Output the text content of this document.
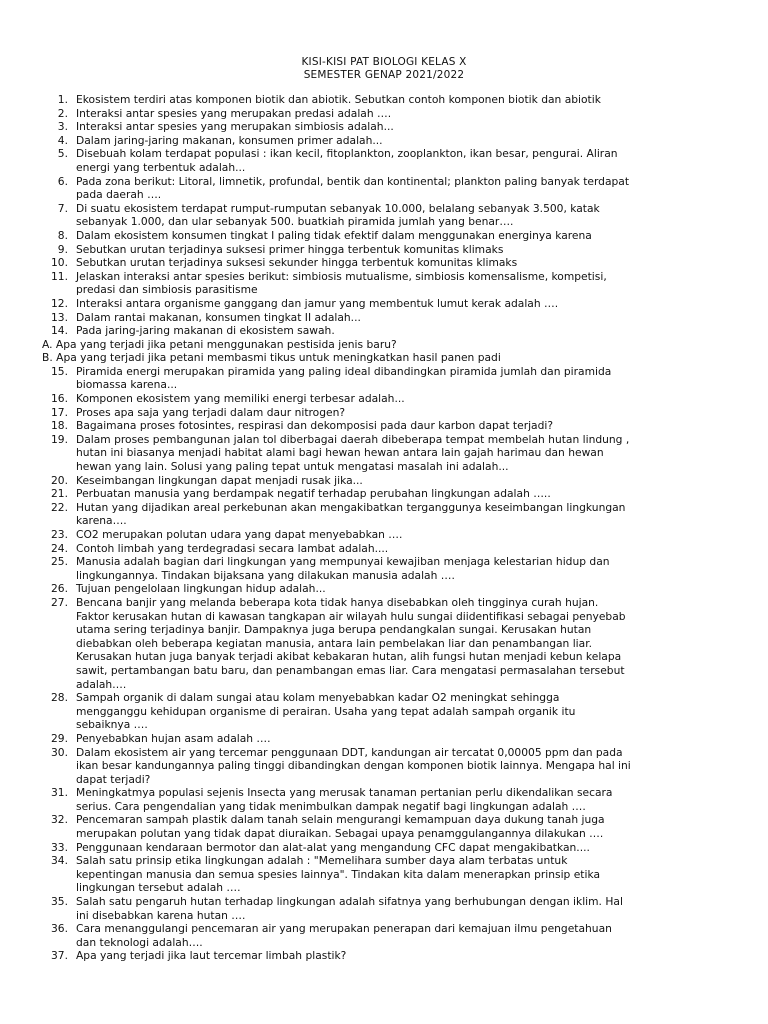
KISI-KISI PAT BIOLOGI KELAS X
SEMESTER GENAP 2021/2022
1. Ekosistem terdiri atas komponen biotik dan abiotik. Sebutkan contoh komponen biotik dan abiotik
2. Interaksi antar spesies yang merupakan predasi adalah ….
3. Interaksi antar spesies yang merupakan simbiosis adalah...
4. Dalam jaring-jaring makanan, konsumen primer adalah...
5. Disebuah kolam terdapat populasi : ikan kecil, fitoplankton, zooplankton, ikan besar, pengurai. Aliran
energi yang terbentuk adalah...
6. Pada zona berikut: Litoral, limnetik, profundal, bentik dan kontinental; plankton paling banyak terdapat
pada daerah ….
7. Di suatu ekosistem terdapat rumput-rumputan sebanyak 10.000, belalang sebanyak 3.500, katak
sebanyak 1.000, dan ular sebanyak 500. buatkiah piramida jumlah yang benar….
8. Dalam ekosistem konsumen tingkat I paling tidak efektif dalam menggunakan energinya karena
9. Sebutkan urutan terjadinya suksesi primer hingga terbentuk komunitas klimaks
10. Sebutkan urutan terjadinya suksesi sekunder hingga terbentuk komunitas klimaks
11. Jelaskan interaksi antar spesies berikut: simbiosis mutualisme, simbiosis komensalisme, kompetisi,
predasi dan simbiosis parasitisme
12. Interaksi antara organisme ganggang dan jamur yang membentuk lumut kerak adalah ….
13. Dalam rantai makanan, konsumen tingkat II adalah...
14. Pada jaring-jaring makanan di ekosistem sawah.
A. Apa yang terjadi jika petani menggunakan pestisida jenis baru?
B. Apa yang terjadi jika petani membasmi tikus untuk meningkatkan hasil panen padi
15. Piramida energi merupakan piramida yang paling ideal dibandingkan piramida jumlah dan piramida
biomassa karena...
16. Komponen ekosistem yang memiliki energi terbesar adalah...
17. Proses apa saja yang terjadi dalam daur nitrogen?
18. Bagaimana proses fotosintes, respirasi dan dekomposisi pada daur karbon dapat terjadi?
19. Dalam proses pembangunan jalan tol diberbagai daerah dibeberapa tempat membelah hutan lindung ,
hutan ini biasanya menjadi habitat alami bagi hewan hewan antara lain gajah harimau dan hewan
hewan yang lain. Solusi yang paling tepat untuk mengatasi masalah ini adalah...
20. Keseimbangan lingkungan dapat menjadi rusak jika...
21. Perbuatan manusia yang berdampak negatif terhadap perubahan lingkungan adalah …..
22. Hutan yang dijadikan areal perkebunan akan mengakibatkan terganggunya keseimbangan lingkungan
karena….
23. CO2 merupakan polutan udara yang dapat menyebabkan ….
24. Contoh limbah yang terdegradasi secara lambat adalah....
25. Manusia adalah bagian dari lingkungan yang mempunyai kewajiban menjaga kelestarian hidup dan
lingkungannya. Tindakan bijaksana yang dilakukan manusia adalah ….
26. Tujuan pengelolaan lingkungan hidup adalah...
27. Bencana banjir yang melanda beberapa kota tidak hanya disebabkan oleh tingginya curah hujan.
Faktor kerusakan hutan di kawasan tangkapan air wilayah hulu sungai diidentifikasi sebagai penyebab
utama sering terjadinya banjir. Dampaknya juga berupa pendangkalan sungai. Kerusakan hutan
diebabkan oleh beberapa kegiatan manusia, antara lain pembelakan liar dan penambangan liar.
Kerusakan hutan juga banyak terjadi akibat kebakaran hutan, alih fungsi hutan menjadi kebun kelapa
sawit, pertambangan batu baru, dan penambangan emas liar. Cara mengatasi permasalahan tersebut
adalah….
28. Sampah organik di dalam sungai atau kolam menyebabkan kadar O2 meningkat sehingga
mengganggu kehidupan organisme di perairan. Usaha yang tepat adalah sampah organik itu
sebaiknya ….
29. Penyebabkan hujan asam adalah ….
30. Dalam ekosistem air yang tercemar penggunaan DDT, kandungan air tercatat 0,00005 ppm dan pada
ikan besar kandungannya paling tinggi dibandingkan dengan komponen biotik lainnya. Mengapa hal ini
dapat terjadi?
31. Meningkatmya populasi sejenis Insecta yang merusak tanaman pertanian perlu dikendalikan secara
serius. Cara pengendalian yang tidak menimbulkan dampak negatif bagi lingkungan adalah ….
32. Pencemaran sampah plastik dalam tanah selain mengurangi kemampuan daya dukung tanah juga
merupakan polutan yang tidak dapat diuraikan. Sebagai upaya penamggulangannya dilakukan ….
33. Penggunaan kendaraan bermotor dan alat-alat yang mengandung CFC dapat mengakibatkan....
34. Salah satu prinsip etika lingkungan adalah : "Memelihara sumber daya alam terbatas untuk
kepentingan manusia dan semua spesies lainnya". Tindakan kita dalam menerapkan prinsip etika
lingkungan tersebut adalah ….
35. Salah satu pengaruh hutan terhadap lingkungan adalah sifatnya yang berhubungan dengan iklim. Hal
ini disebabkan karena hutan ….
36. Cara menanggulangi pencemaran air yang merupakan penerapan dari kemajuan ilmu pengetahuan
dan teknologi adalah….
37. Apa yang terjadi jika laut tercemar limbah plastik?
